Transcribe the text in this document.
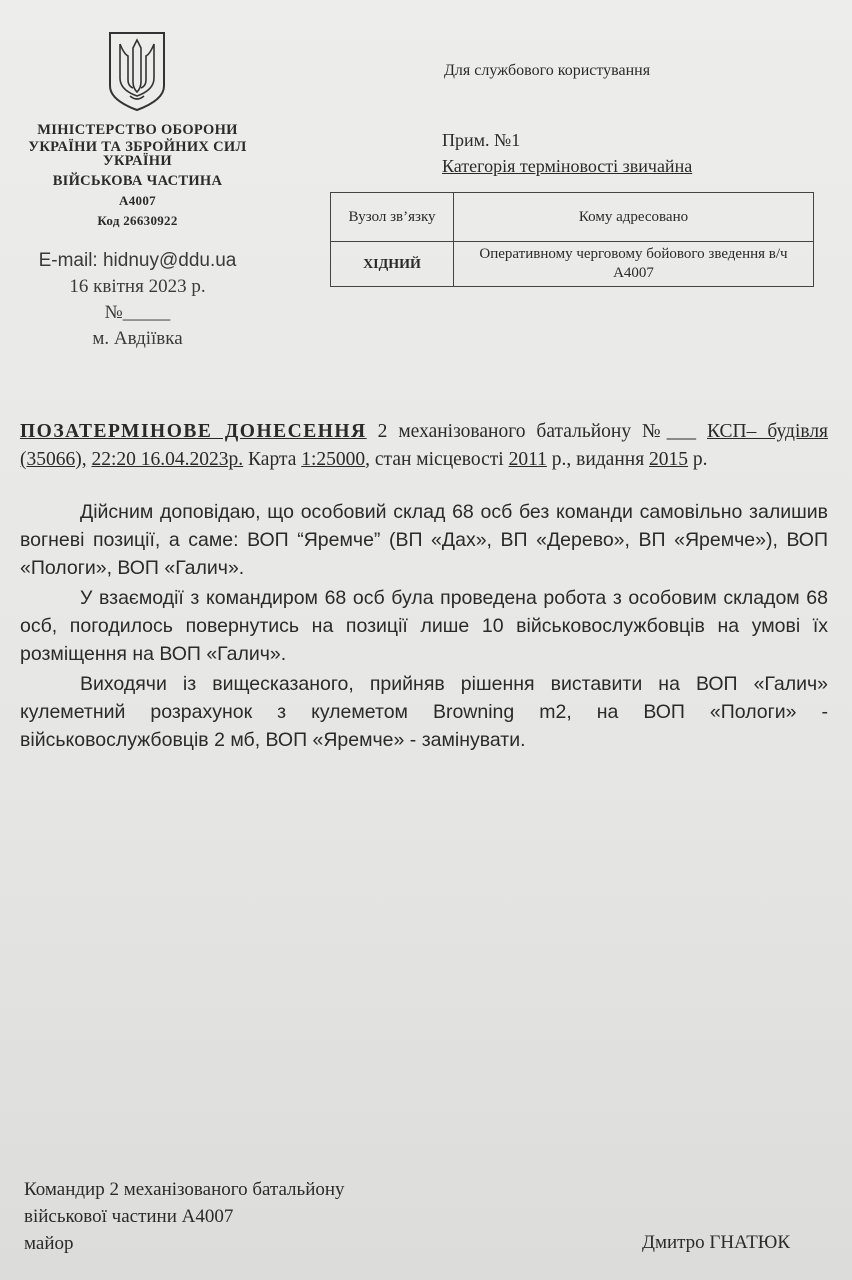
МІНІСТЕРСТВО ОБОРОНИ
УКРАЇНИ ТА ЗБРОЙНИХ СИЛ
УКРАЇНИ
ВІЙСЬКОВА ЧАСТИНА
А4007
Код 26630922
E-mail: hidnuy@ddu.ua
16 квітня 2023 р.
№_____
м. Авдіївка
Для службового користування
Прим. №1
Категорія терміновості звичайна
Вузол зв’язку	Кому адресовано
ХІДНИЙ	Оперативному черговому бойового зведення в/ч А4007

ПОЗАТЕРМІНОВЕ ДОНЕСЕННЯ 2 механізованого батальйону №___ КСП– будівля (35066), 22:20 16.04.2023р. Карта 1:25000, стан місцевості 2011 р., видання 2015 р.

Дійсним доповідаю, що особовий склад 68 осб без команди самовільно залишив вогневі позиції, а саме: ВОП “Яремче” (ВП «Дах», ВП «Дерево», ВП «Яремче»), ВОП «Пологи», ВОП «Галич».

У взаємодії з командиром 68 осб була проведена робота з особовим складом 68 осб, погодилось повернутись на позиції лише 10 військовослужбовців на умові їх розміщення на ВОП «Галич».

Виходячи із вищесказаного, прийняв рішення виставити на ВОП «Галич» кулеметний розрахунок з кулеметом Browning m2, на ВОП «Пологи» - військовослужбовців 2 мб, ВОП «Яремче» - замінувати.

Командир 2 механізованого батальйону
військової частини А4007
майор	Дмитро ГНАТЮК
